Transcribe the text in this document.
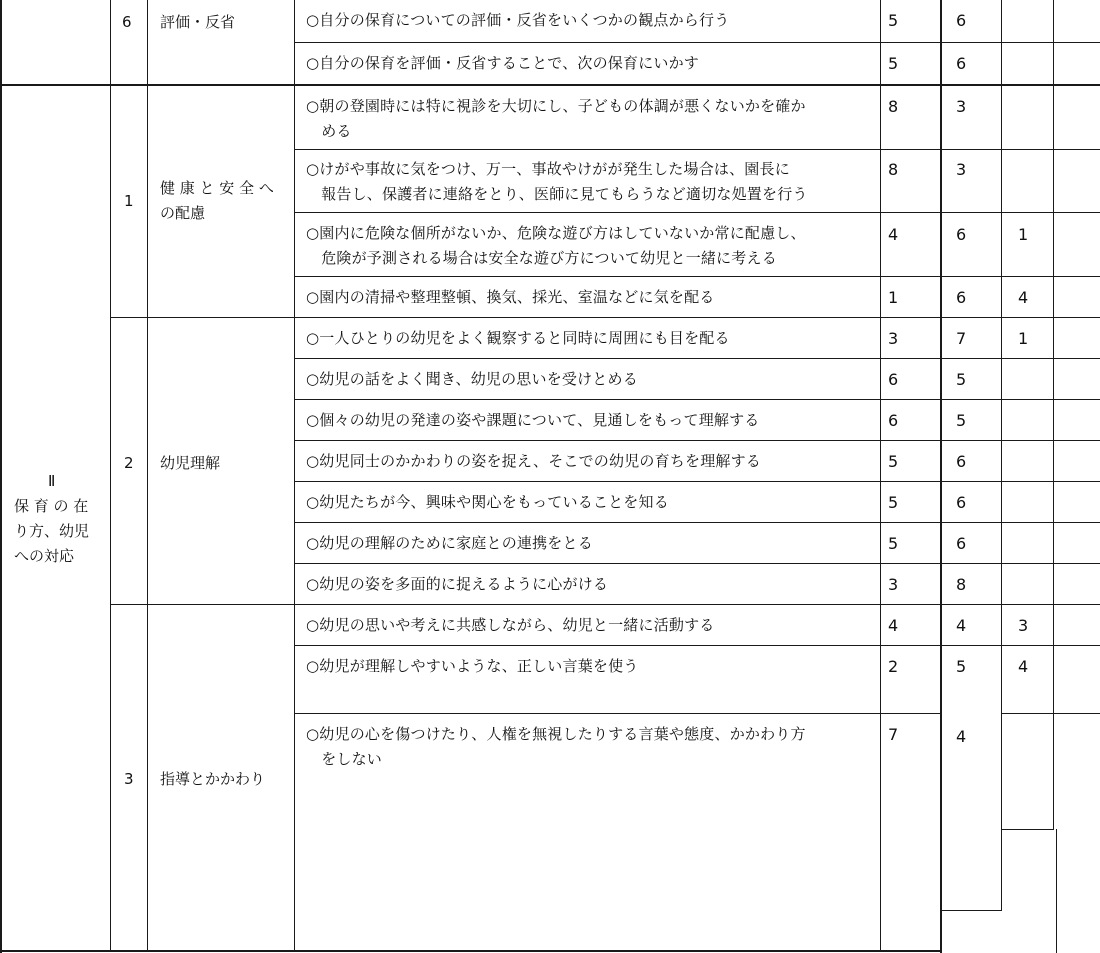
6 評価・反省	○自分の保育についての評価・反省をいくつかの観点から行う	5	6
○自分の保育を評価・反省することで、次の保育にいかす	5	6
Ⅱ
保 育 の 在
り方、幼児
への対応
1
健 康 と 安 全 へ
の配慮
○朝の登園時には特に視診を大切にし、子どもの体調が悪くないかを確か
　める
8	3
○けがや事故に気をつけ、万一、事故やけがが発生した場合は、園長に
　報告し、保護者に連絡をとり、医師に見てもらうなど適切な処置を行う
8	3
○園内に危険な個所がないか、危険な遊び方はしていないか常に配慮し、
　危険が予測される場合は安全な遊び方について幼児と一緒に考える
4	6	1
○園内の清掃や整理整頓、換気、採光、室温などに気を配る	1	6	4
2 幼児理解
○一人ひとりの幼児をよく観察すると同時に周囲にも目を配る	3	7	1
○幼児の話をよく聞き、幼児の思いを受けとめる	6	5
○個々の幼児の発達の姿や課題について、見通しをもって理解する	6	5
○幼児同士のかかわりの姿を捉え、そこでの幼児の育ちを理解する	5	6
○幼児たちが今、興味や関心をもっていることを知る	5	6
○幼児の理解のために家庭との連携をとる	5	6
○幼児の姿を多面的に捉えるように心がける	3	8
3 指導とかかわり
○幼児の思いや考えに共感しながら、幼児と一緒に活動する	4	4	3
○幼児が理解しやすいような、正しい言葉を使う	2	5	4
○幼児の心を傷つけたり、人権を無視したりする言葉や態度、かかわり方
　をしない
7	4
